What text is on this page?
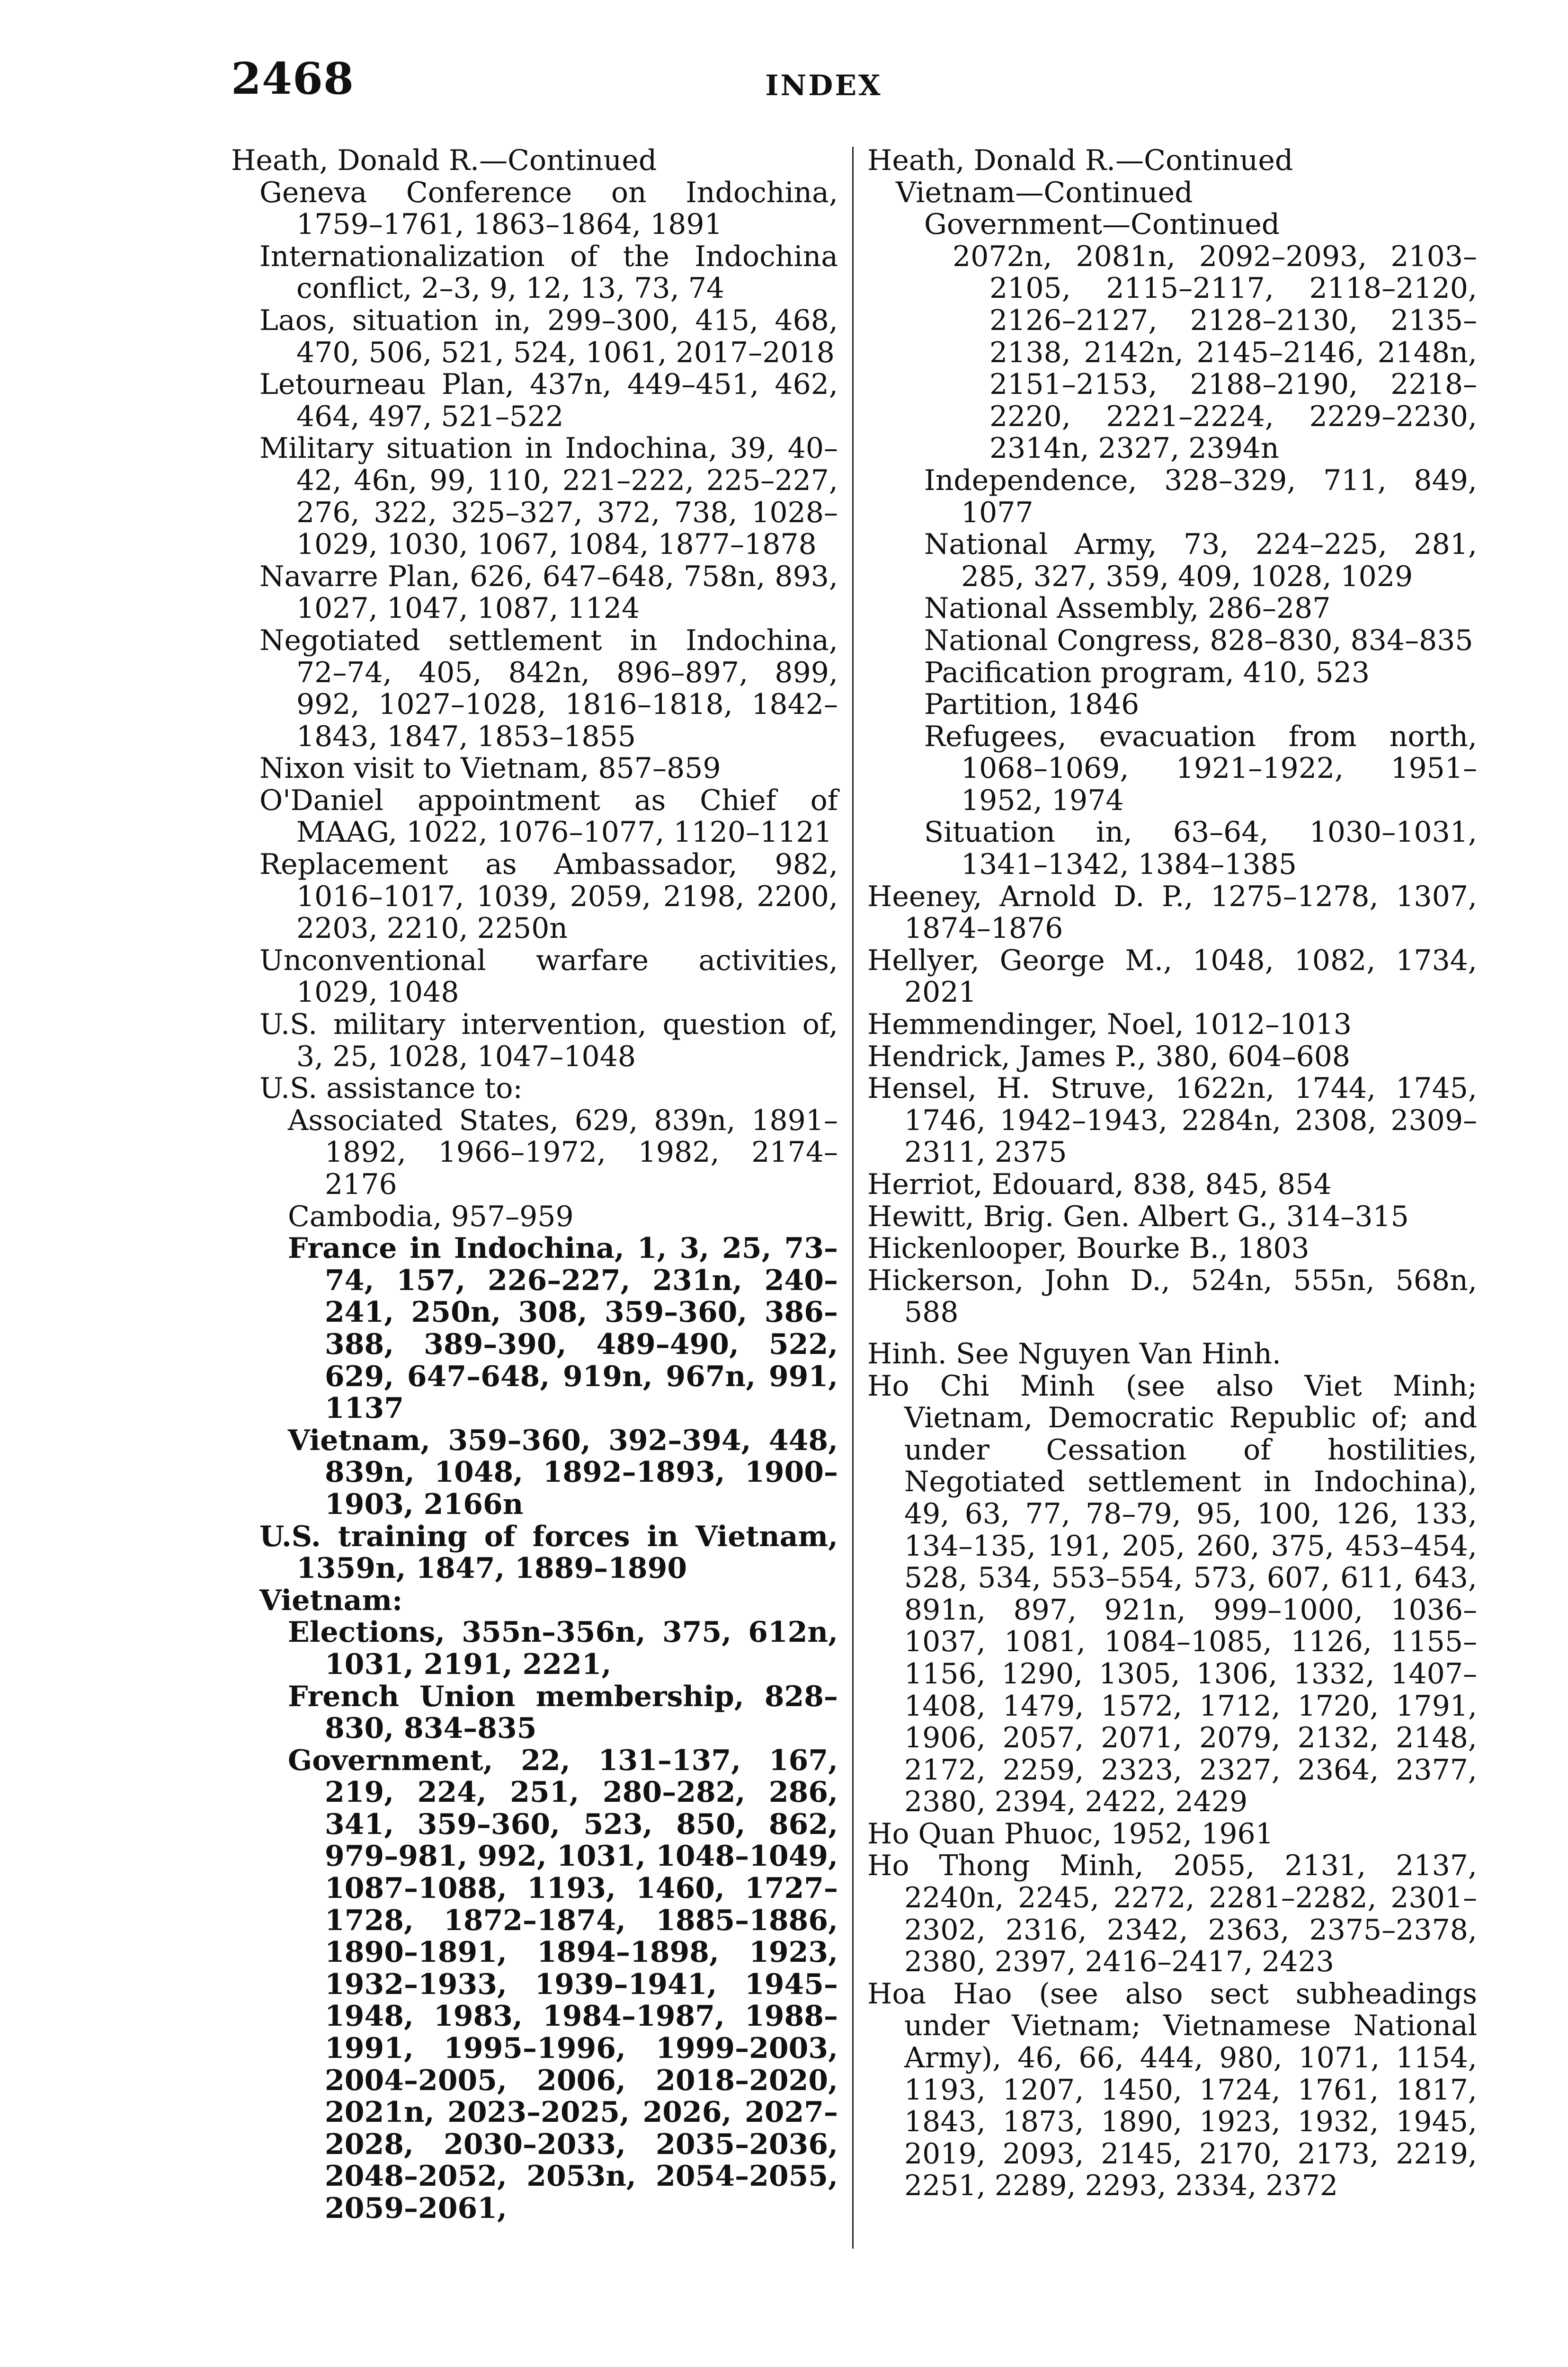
2468	INDEX
Heath, Donald R.—Continued
Geneva Conference on Indochina, 1759–1761, 1863–1864, 1891
Internationalization of the Indochina conflict, 2–3, 9, 12, 13, 73, 74
Laos, situation in, 299–300, 415, 468, 470, 506, 521, 524, 1061, 2017–2018
Letourneau Plan, 437n, 449–451, 462, 464, 497, 521–522
Military situation in Indochina, 39, 40–42, 46n, 99, 110, 221–222, 225–227, 276, 322, 325–327, 372, 738, 1028–1029, 1030, 1067, 1084, 1877–1878
Navarre Plan, 626, 647–648, 758n, 893, 1027, 1047, 1087, 1124
Negotiated settlement in Indochina, 72–74, 405, 842n, 896–897, 899, 992, 1027–1028, 1816–1818, 1842–1843, 1847, 1853–1855
Nixon visit to Vietnam, 857–859
O'Daniel appointment as Chief of MAAG, 1022, 1076–1077, 1120–1121
Replacement as Ambassador, 982, 1016–1017, 1039, 2059, 2198, 2200, 2203, 2210, 2250n
Unconventional warfare activities, 1029, 1048
U.S. military intervention, question of, 3, 25, 1028, 1047–1048
U.S. assistance to:
Associated States, 629, 839n, 1891–1892, 1966–1972, 1982, 2174–2176
Cambodia, 957–959
France in Indochina, 1, 3, 25, 73–74, 157, 226–227, 231n, 240–241, 250n, 308, 359–360, 386–388, 389–390, 489–490, 522, 629, 647–648, 919n, 967n, 991, 1137
Vietnam, 359–360, 392–394, 448, 839n, 1048, 1892–1893, 1900–1903, 2166n
U.S. training of forces in Vietnam, 1359n, 1847, 1889–1890
Vietnam:
Elections, 355n–356n, 375, 612n, 1031, 2191, 2221,
French Union membership, 828–830, 834–835
Government, 22, 131–137, 167, 219, 224, 251, 280–282, 286, 341, 359–360, 523, 850, 862, 979–981, 992, 1031, 1048–1049, 1087–1088, 1193, 1460, 1727–1728, 1872–1874, 1885–1886, 1890–1891, 1894–1898, 1923, 1932–1933, 1939–1941, 1945–1948, 1983, 1984–1987, 1988–1991, 1995–1996, 1999–2003, 2004–2005, 2006, 2018–2020, 2021n, 2023–2025, 2026, 2027–2028, 2030–2033, 2035–2036, 2048–2052, 2053n, 2054–2055, 2059–2061,
Heath, Donald R.—Continued
Vietnam—Continued
Government—Continued
2072n, 2081n, 2092–2093, 2103–2105, 2115–2117, 2118–2120, 2126–2127, 2128–2130, 2135–2138, 2142n, 2145–2146, 2148n, 2151–2153, 2188–2190, 2218–2220, 2221–2224, 2229–2230, 2314n, 2327, 2394n
Independence, 328–329, 711, 849, 1077
National Army, 73, 224–225, 281, 285, 327, 359, 409, 1028, 1029
National Assembly, 286–287
National Congress, 828–830, 834–835
Pacification program, 410, 523
Partition, 1846
Refugees, evacuation from north, 1068–1069, 1921–1922, 1951–1952, 1974
Situation in, 63–64, 1030–1031, 1341–1342, 1384–1385
Heeney, Arnold D. P., 1275–1278, 1307, 1874–1876
Hellyer, George M., 1048, 1082, 1734, 2021
Hemmendinger, Noel, 1012–1013
Hendrick, James P., 380, 604–608
Hensel, H. Struve, 1622n, 1744, 1745, 1746, 1942–1943, 2284n, 2308, 2309–2311, 2375
Herriot, Edouard, 838, 845, 854
Hewitt, Brig. Gen. Albert G., 314–315
Hickenlooper, Bourke B., 1803
Hickerson, John D., 524n, 555n, 568n, 588
Hinh. See Nguyen Van Hinh.
Ho Chi Minh (see also Viet Minh; Vietnam, Democratic Republic of; and under Cessation of hostilities, Negotiated settlement in Indochina), 49, 63, 77, 78–79, 95, 100, 126, 133, 134–135, 191, 205, 260, 375, 453–454, 528, 534, 553–554, 573, 607, 611, 643, 891n, 897, 921n, 999–1000, 1036–1037, 1081, 1084–1085, 1126, 1155–1156, 1290, 1305, 1306, 1332, 1407–1408, 1479, 1572, 1712, 1720, 1791, 1906, 2057, 2071, 2079, 2132, 2148, 2172, 2259, 2323, 2327, 2364, 2377, 2380, 2394, 2422, 2429
Ho Quan Phuoc, 1952, 1961
Ho Thong Minh, 2055, 2131, 2137, 2240n, 2245, 2272, 2281–2282, 2301–2302, 2316, 2342, 2363, 2375–2378, 2380, 2397, 2416–2417, 2423
Hoa Hao (see also sect subheadings under Vietnam; Vietnamese National Army), 46, 66, 444, 980, 1071, 1154, 1193, 1207, 1450, 1724, 1761, 1817, 1843, 1873, 1890, 1923, 1932, 1945, 2019, 2093, 2145, 2170, 2173, 2219, 2251, 2289, 2293, 2334, 2372
